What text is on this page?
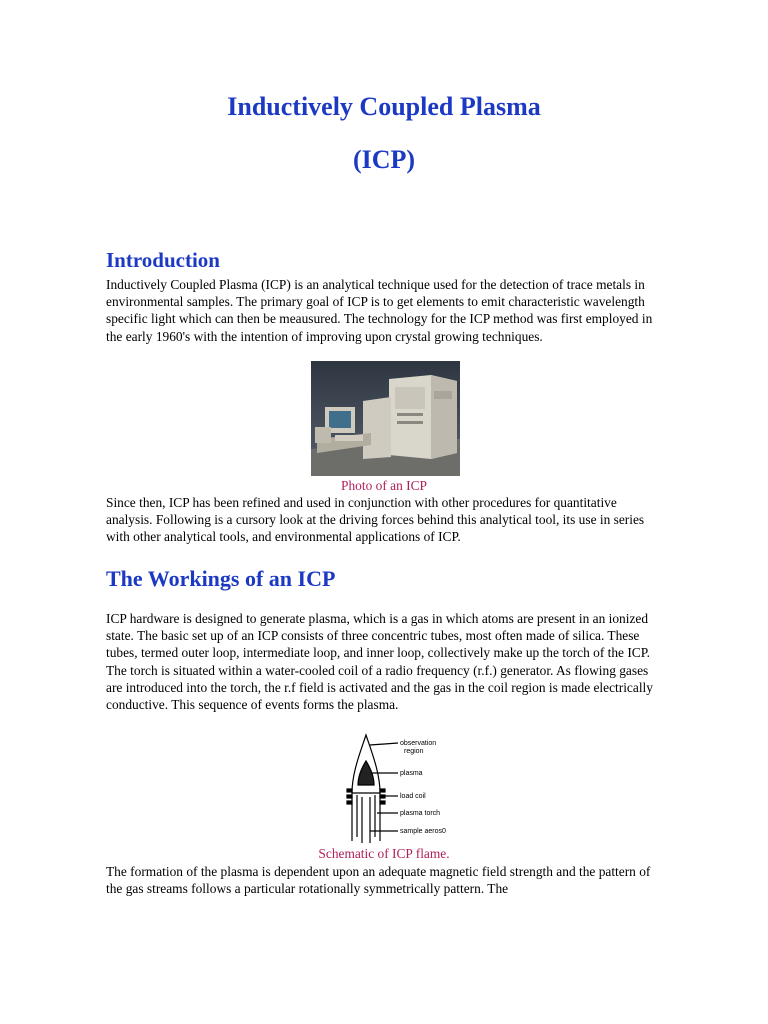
Inductively Coupled Plasma
(ICP)
Introduction

Inductively Coupled Plasma (ICP) is an analytical technique used for the detection of trace metals in environmental samples. The primary goal of ICP is to get elements to emit characteristic wavelength specific light which can then be meausured. The technology for the ICP method was first employed in the early 1960's with the intention of improving upon crystal growing techniques.

Photo of an ICP

Since then, ICP has been refined and used in conjunction with other procedures for quantitative analysis. Following is a cursory look at the driving forces behind this analytical tool, its use in series with other analytical tools, and environmental applications of ICP.

The Workings of an ICP

ICP hardware is designed to generate plasma, which is a gas in which atoms are present in an ionized state. The basic set up of an ICP consists of three concentric tubes, most often made of silica. These tubes, termed outer loop, intermediate loop, and inner loop, collectively make up the torch of the ICP. The torch is situated within a water-cooled coil of a radio frequency (r.f.) generator. As flowing gases are introduced into the torch, the r.f field is activated and the gas in the coil region is made electrically conductive. This sequence of events forms the plasma.

observation
region
plasma
load coil
plasma torch
sample aeros0

Schematic of ICP flame.

The formation of the plasma is dependent upon an adequate magnetic field strength and the pattern of the gas streams follows a particular rotationally symmetrically pattern. The
